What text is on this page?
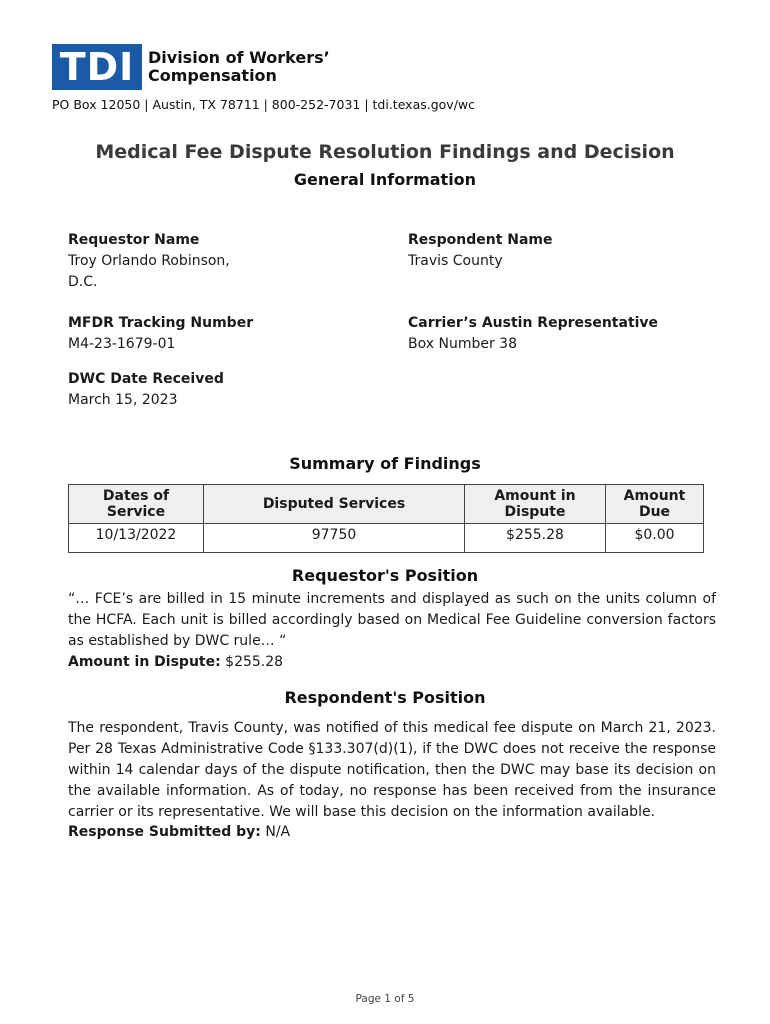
TDI Division of Workers’
Compensation
PO Box 12050 | Austin, TX 78711 | 800-252-7031 | tdi.texas.gov/wc
Medical Fee Dispute Resolution Findings and Decision
General Information
Requestor Name
Troy Orlando Robinson,
D.C.
Respondent Name
Travis County
MFDR Tracking Number
M4-23-1679-01
Carrier’s Austin Representative
Box Number 38
DWC Date Received
March 15, 2023
Summary of Findings
Dates of Service	Disputed Services	Amount in Dispute	Amount Due
10/13/2022	97750	$255.28	$0.00
Requestor's Position
“… FCE’s are billed in 15 minute increments and displayed as such on the units column of the HCFA. Each unit is billed accordingly based on Medical Fee Guideline conversion factors as established by DWC rule… “
Amount in Dispute: $255.28
Respondent's Position
The respondent, Travis County, was notified of this medical fee dispute on March 21, 2023. Per 28 Texas Administrative Code §133.307(d)(1), if the DWC does not receive the response within 14 calendar days of the dispute notification, then the DWC may base its decision on the available information. As of today, no response has been received from the insurance carrier or its representative. We will base this decision on the information available.
Response Submitted by: N/A
Page 1 of 5
